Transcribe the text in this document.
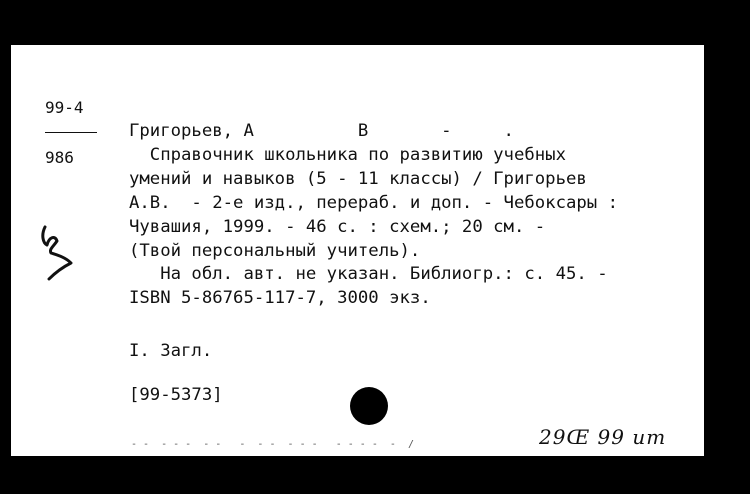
99-4
986
Григорьев, А          В       -     .
Справочник школьника по развитию учебных
умений и навыков (5 - 11 классы) / Григорьев
А.В.  - 2-е изд., перераб. и доп. - Чебоксары :
Чувашия, 1999. - 46 с. : схем.; 20 см. -
(Твой персональный учитель).
На обл. авт. не указан. Библиогр.: с. 45. -
ISBN 5-86765-117-7, 3000 экз.
I. Загл.
[99-5373]
- -  - - -  - -   -  - -  - - -   - - - -  -  /	29Œ 99 ит
